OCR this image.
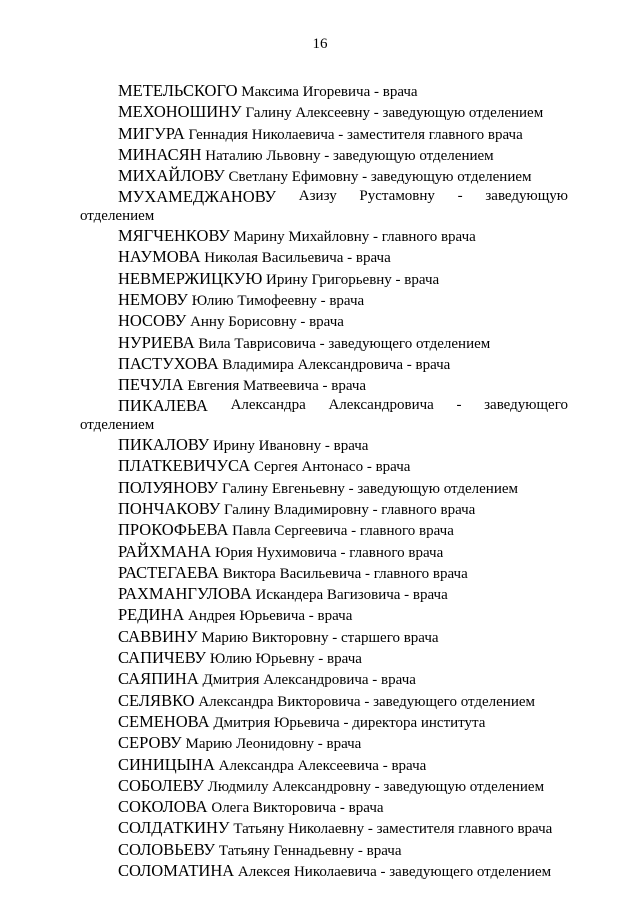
16
МЕТЕЛЬСКОГО Максима Игоревича - врача
МЕХОНОШИНУ Галину Алексеевну - заведующую отделением
МИГУРА Геннадия Николаевича - заместителя главного врача
МИНАСЯН Наталию Львовну - заведующую отделением
МИХАЙЛОВУ Светлану Ефимовну - заведующую отделением
МУХАМЕДЖАНОВУ Азизу Рустамовну - заведующую
отделением
МЯГЧЕНКОВУ Марину Михайловну - главного врача
НАУМОВА Николая Васильевича - врача
НЕВМЕРЖИЦКУЮ Ирину Григорьевну - врача
НЕМОВУ Юлию Тимофеевну - врача
НОСОВУ Анну Борисовну - врача
НУРИЕВА Вила Таврисовича - заведующего отделением
ПАСТУХОВА Владимира Александровича - врача
ПЕЧУЛА Евгения Матвеевича - врача
ПИКАЛЕВА Александра Александровича - заведующего
отделением
ПИКАЛОВУ Ирину Ивановну - врача
ПЛАТКЕВИЧУСА Сергея Антонасо - врача
ПОЛУЯНОВУ Галину Евгеньевну - заведующую отделением
ПОНЧАКОВУ Галину Владимировну - главного врача
ПРОКОФЬЕВА Павла Сергеевича - главного врача
РАЙХМАНА Юрия Нухимовича - главного врача
РАСТЕГАЕВА Виктора Васильевича - главного врача
РАХМАНГУЛОВА Искандера Вагизовича - врача
РЕДИНА Андрея Юрьевича - врача
САВВИНУ Марию Викторовну - старшего врача
САПИЧЕВУ Юлию Юрьевну - врача
САЯПИНА Дмитрия Александровича - врача
СЕЛЯВКО Александра Викторовича - заведующего отделением
СЕМЕНОВА Дмитрия Юрьевича - директора института
СЕРОВУ Марию Леонидовну - врача
СИНИЦЫНА Александра Алексеевича - врача
СОБОЛЕВУ Людмилу Александровну - заведующую отделением
СОКОЛОВА Олега Викторовича - врача
СОЛДАТКИНУ Татьяну Николаевну - заместителя главного врача
СОЛОВЬЕВУ Татьяну Геннадьевну - врача
СОЛОМАТИНА Алексея Николаевича - заведующего отделением
